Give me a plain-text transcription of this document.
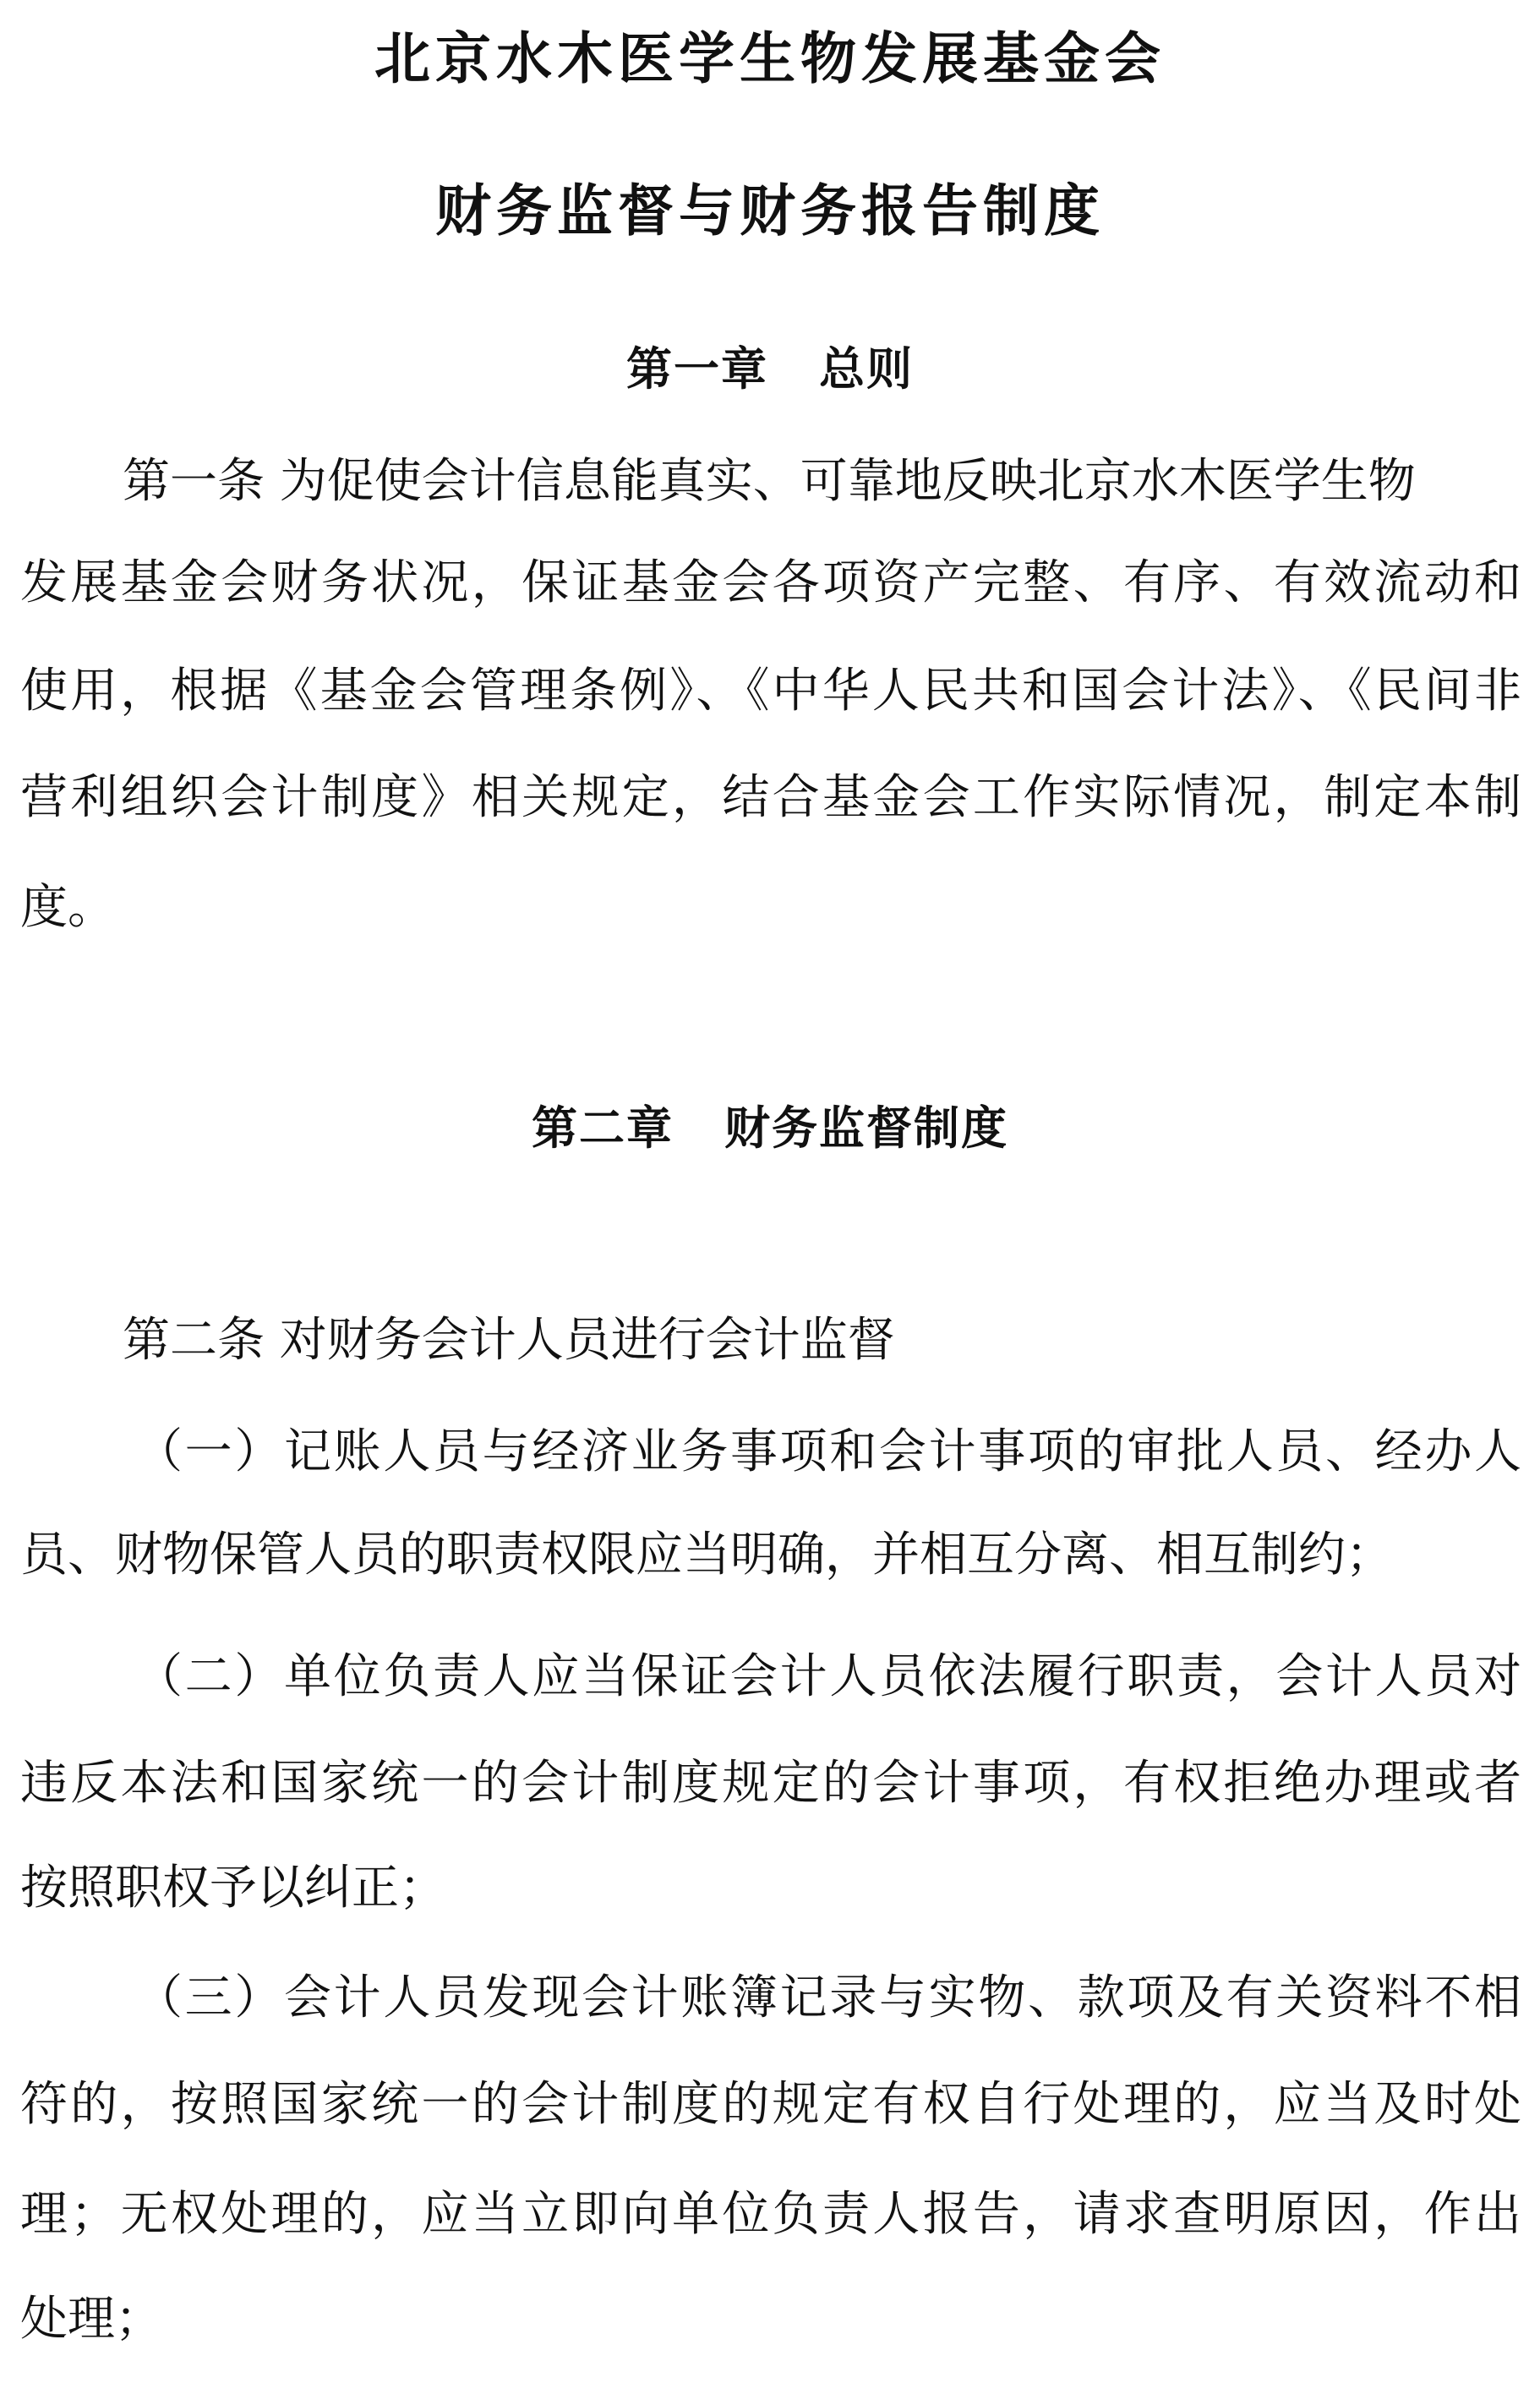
北京水木医学生物发展基金会
财务监督与财务报告制度
第一章 总则
第一条 为促使会计信息能真实、可靠地反映北京水木医学生物
发展基金会财务状况，保证基金会各项资产完整、有序、有效流动和
使用，根据《基金会管理条例》、《中华人民共和国会计法》、《民间非
营利组织会计制度》相关规定，结合基金会工作实际情况，制定本制
度。
第二章 财务监督制度
第二条 对财务会计人员进行会计监督
（一）记账人员与经济业务事项和会计事项的审批人员、经办人
员、财物保管人员的职责权限应当明确，并相互分离、相互制约；
（二）单位负责人应当保证会计人员依法履行职责，会计人员对
违反本法和国家统一的会计制度规定的会计事项，有权拒绝办理或者
按照职权予以纠正；
（三）会计人员发现会计账簿记录与实物、款项及有关资料不相
符的，按照国家统一的会计制度的规定有权自行处理的，应当及时处
理；无权处理的，应当立即向单位负责人报告，请求查明原因，作出
处理；
